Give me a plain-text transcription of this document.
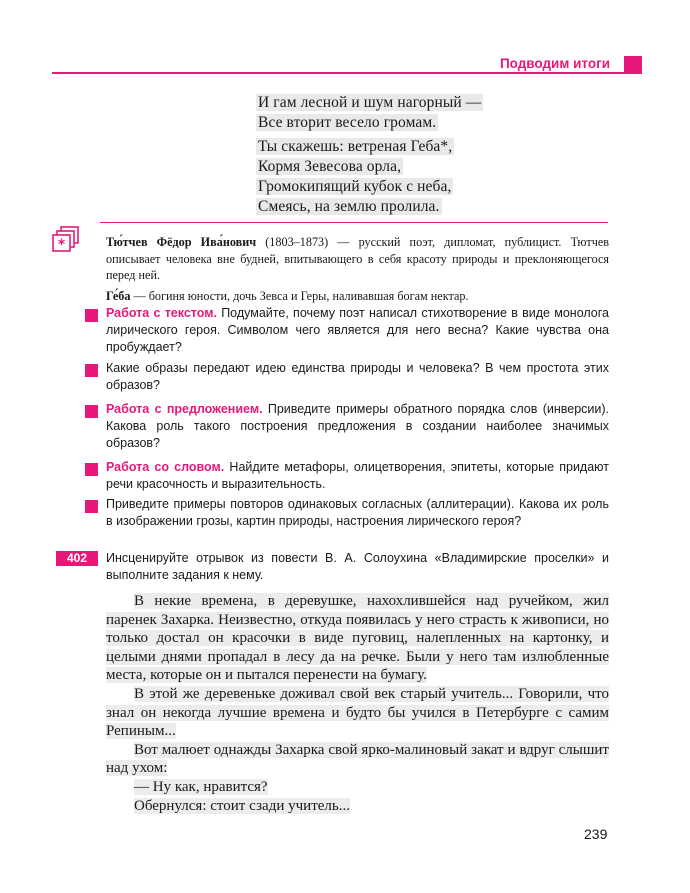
Подводим итоги
И гам лесной и шум нагорный —
Все вторит весело громам.
Ты скажешь: ветреная Геба*,
Кормя Зевесова орла,
Громокипящий кубок с неба,
Смеясь, на землю пролила.
*	Тю́тчев Фёдор Ива́нович (1803–1873) — русский поэт, дипломат, публицист. Тютчев описывает человека вне будней, впитывающего в себя красоту природы и преклоняющегося перед ней.

Ге́ба — богиня юности, дочь Зевса и Геры, наливавшая богам нектар.

Работа с текстом. Подумайте, почему поэт написал стихотворение в виде монолога лирического героя. Символом чего является для него весна? Какие чувства она пробуждает?
Какие образы передают идею единства природы и человека? В чем простота этих образов?
Работа с предложением. Приведите примеры обратного порядка слов (инверсии). Какова роль такого построения предложения в создании наиболее значимых образов?
Работа со словом. Найдите метафоры, олицетворения, эпитеты, которые придают речи красочность и выразительность.
Приведите примеры повторов одинаковых согласных (аллитерации). Какова их роль в изображении грозы, картин природы, настроения лирического героя?
402	Инсценируйте отрывок из повести В. А. Солоухина «Владимирские проселки» и выполните задания к нему.

В некие времена, в деревушке, нахохлившейся над ручейком, жил паренек Захарка. Неизвестно, откуда появилась у него страсть к живописи, но только достал он красочки в виде пуговиц, налепленных на картонку, и целыми днями пропадал в лесу да на речке. Были у него там излюбленные места, которые он и пытался перенести на бумагу.

В этой же деревеньке доживал свой век старый учитель... Говорили, что знал он некогда лучшие времена и будто бы учился в Петербурге с самим Репиным...

Вот малюет однажды Захарка свой ярко-малиновый закат и вдруг слышит над ухом:

— Ну как, нравится?

Обернулся: стоит сзади учитель...

239
